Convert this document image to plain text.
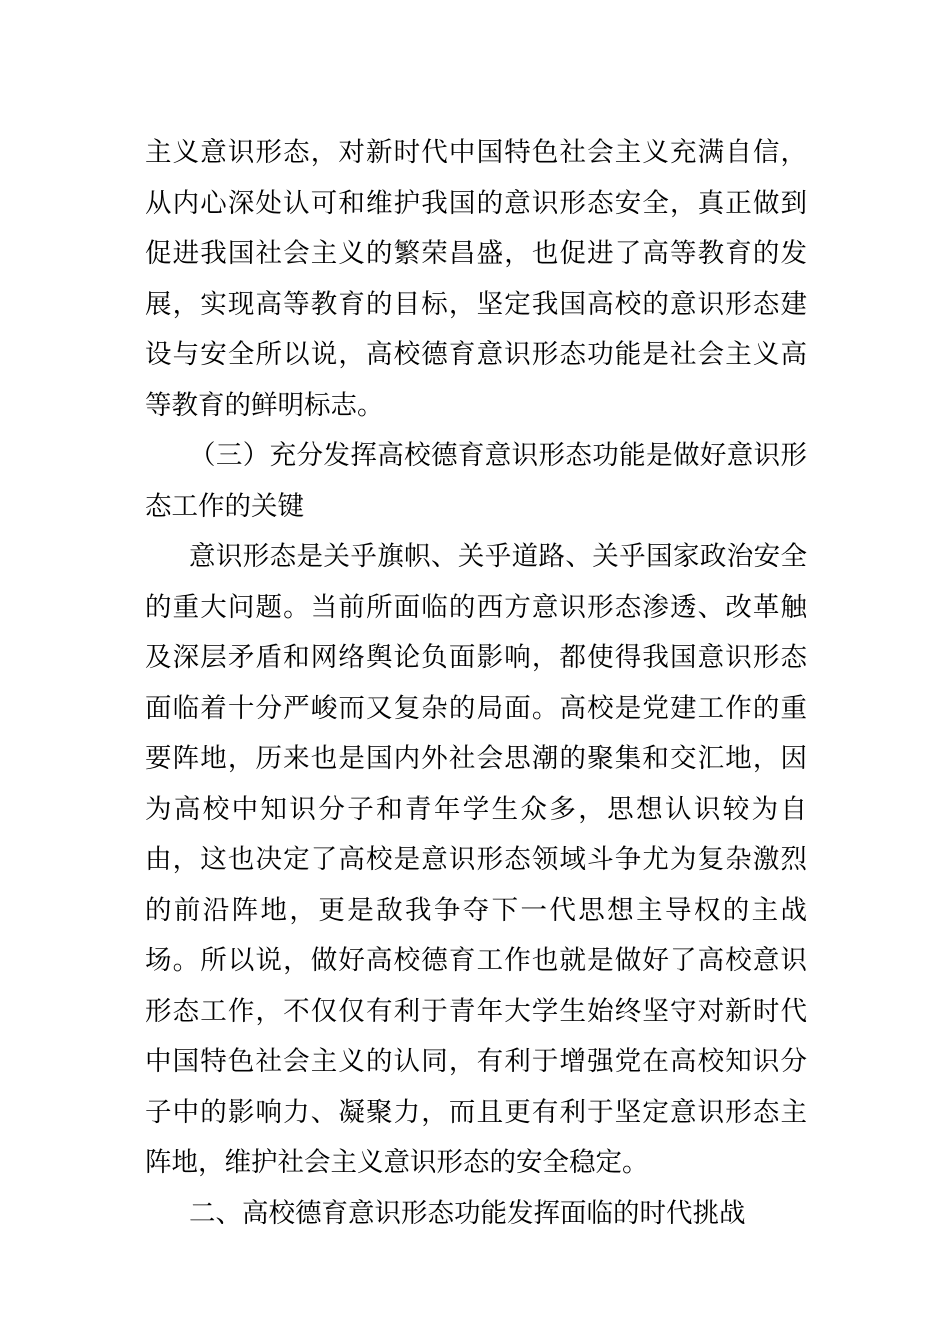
主义意识形态，对新时代中国特色社会主义充满自信，从内心深处认可和维护我国的意识形态安全，真正做到促进我国社会主义的繁荣昌盛，也促进了高等教育的发展，实现高等教育的目标，坚定我国高校的意识形态建设与安全所以说，高校德育意识形态功能是社会主义高等教育的鲜明标志。

（三）充分发挥高校德育意识形态功能是做好意识形态工作的关键

意识形态是关乎旗帜、关乎道路、关乎国家政治安全的重大问题。当前所面临的西方意识形态渗透、改革触及深层矛盾和网络舆论负面影响，都使得我国意识形态面临着十分严峻而又复杂的局面。高校是党建工作的重要阵地，历来也是国内外社会思潮的聚集和交汇地，因为高校中知识分子和青年学生众多，思想认识较为自由，这也决定了高校是意识形态领域斗争尤为复杂激烈的前沿阵地，更是敌我争夺下一代思想主导权的主战场。所以说，做好高校德育工作也就是做好了高校意识形态工作，不仅仅有利于青年大学生始终坚守对新时代中国特色社会主义的认同，有利于增强党在高校知识分子中的影响力、凝聚力，而且更有利于坚定意识形态主阵地，维护社会主义意识形态的安全稳定。

二、高校德育意识形态功能发挥面临的时代挑战
